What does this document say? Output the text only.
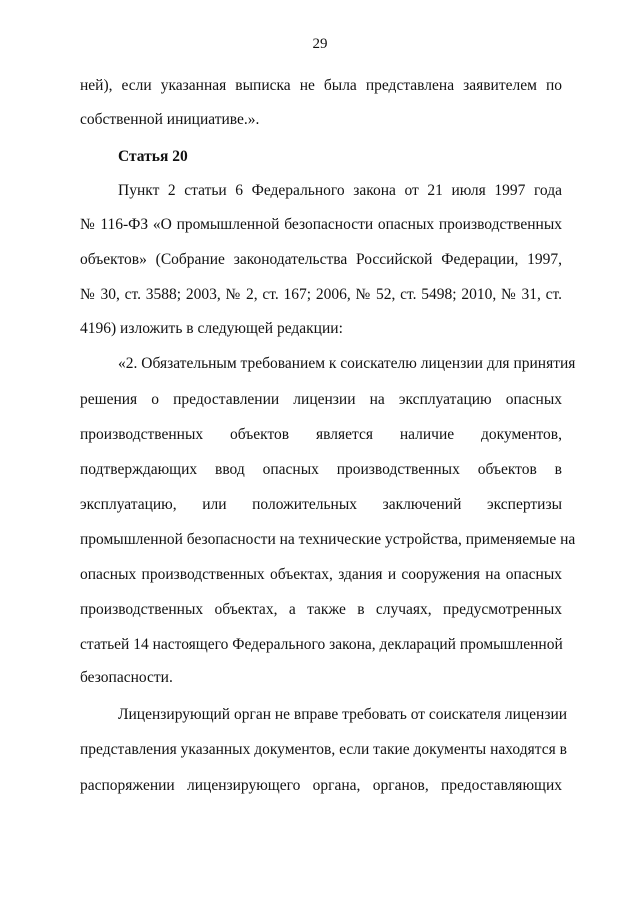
29
ней), если указанная выписка не была представлена заявителем по
собственной инициативе.».
Статья 20
Пункт 2 статьи 6 Федерального закона от 21 июля 1997 года
№ 116-ФЗ «О промышленной безопасности опасных производственных
объектов» (Собрание законодательства Российской Федерации, 1997,
№ 30, ст. 3588; 2003, № 2, ст. 167; 2006, № 52, ст. 5498; 2010, № 31, ст.
4196) изложить в следующей редакции:
«2. Обязательным требованием к соискателю лицензии для принятия
решения о предоставлении лицензии на эксплуатацию опасных
производственных объектов является наличие документов,
подтверждающих ввод опасных производственных объектов в
эксплуатацию, или положительных заключений экспертизы
промышленной безопасности на технические устройства, применяемые на
опасных производственных объектах, здания и сооружения на опасных
производственных объектах, а также в случаях, предусмотренных
статьей 14 настоящего Федерального закона, деклараций промышленной
безопасности.
Лицензирующий орган не вправе требовать от соискателя лицензии
представления указанных документов, если такие документы находятся в
распоряжении лицензирующего органа, органов, предоставляющих
